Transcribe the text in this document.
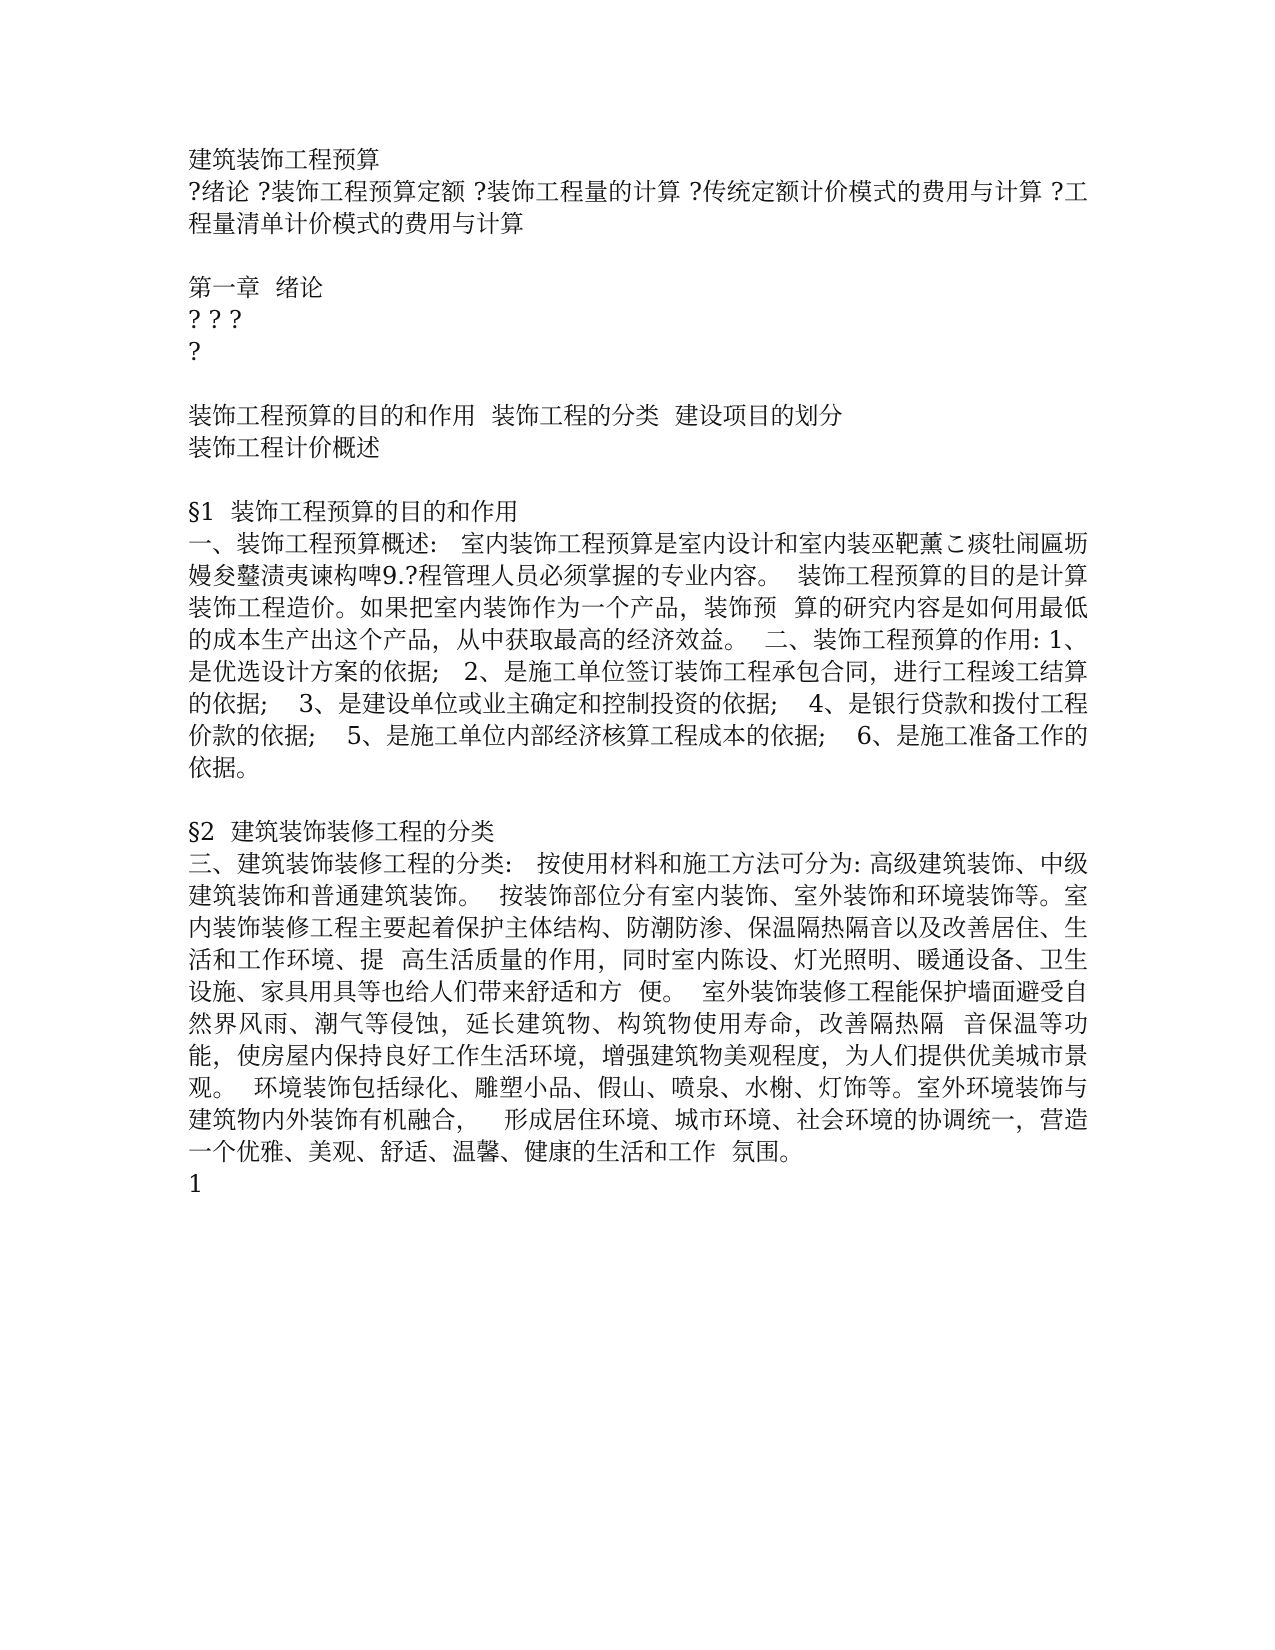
建筑装饰工程预算

?绪论 ?装饰工程预算定额 ?装饰工程量的计算 ?传统定额计价模式的费用与计算 ?工程量清单计价模式的费用与计算

第一章  绪论

? ? ?

?

装饰工程预算的目的和作用  装饰工程的分类  建设项目的划分

装饰工程计价概述

§1  装饰工程预算的目的和作用

一、装饰工程预算概述:   室内装饰工程预算是室内设计和室内装巫靶薰こ痰牡闹匾坜嫚夋鼞渍夷谏构啤9.?程管理人员必须掌握的专业内容。  装饰工程预算的目的是计算装饰工程造价。如果把室内装饰作为一个产品，装饰预  算的研究内容是如何用最低的成本生产出这个产品，从中获取最高的经济效益。  二、装饰工程预算的作用: 1、是优选设计方案的依据;   2、是施工单位签订装饰工程承包合同，进行工程竣工结算的依据;    3、是建设单位或业主确定和控制投资的依据;    4、是银行贷款和拨付工程价款的依据;    5、是施工单位内部经济核算工程成本的依据;    6、是施工准备工作的依据。

§2  建筑装饰装修工程的分类

三、建筑装饰装修工程的分类:   按使用材料和施工方法可分为: 高级建筑装饰、中级建筑装饰和普通建筑装饰。  按装饰部位分有室内装饰、室外装饰和环境装饰等。室内装饰装修工程主要起着保护主体结构、防潮防渗、保温隔热隔音以及改善居住、生活和工作环境、提  高生活质量的作用，同时室内陈设、灯光照明、暖通设备、卫生设施、家具用具等也给人们带来舒适和方  便。  室外装饰装修工程能保护墙面避受自然界风雨、潮气等侵蚀，延长建筑物、构筑物使用寿命，改善隔热隔  音保温等功能，使房屋内保持良好工作生活环境，增强建筑物美观程度，为人们提供优美城市景观。  环境装饰包括绿化、雕塑小品、假山、喷泉、水榭、灯饰等。室外环境装饰与建筑物内外装饰有机融合，   形成居住环境、城市环境、社会环境的协调统一，营造一个优雅、美观、舒适、温馨、健康的生活和工作  氛围。

1
